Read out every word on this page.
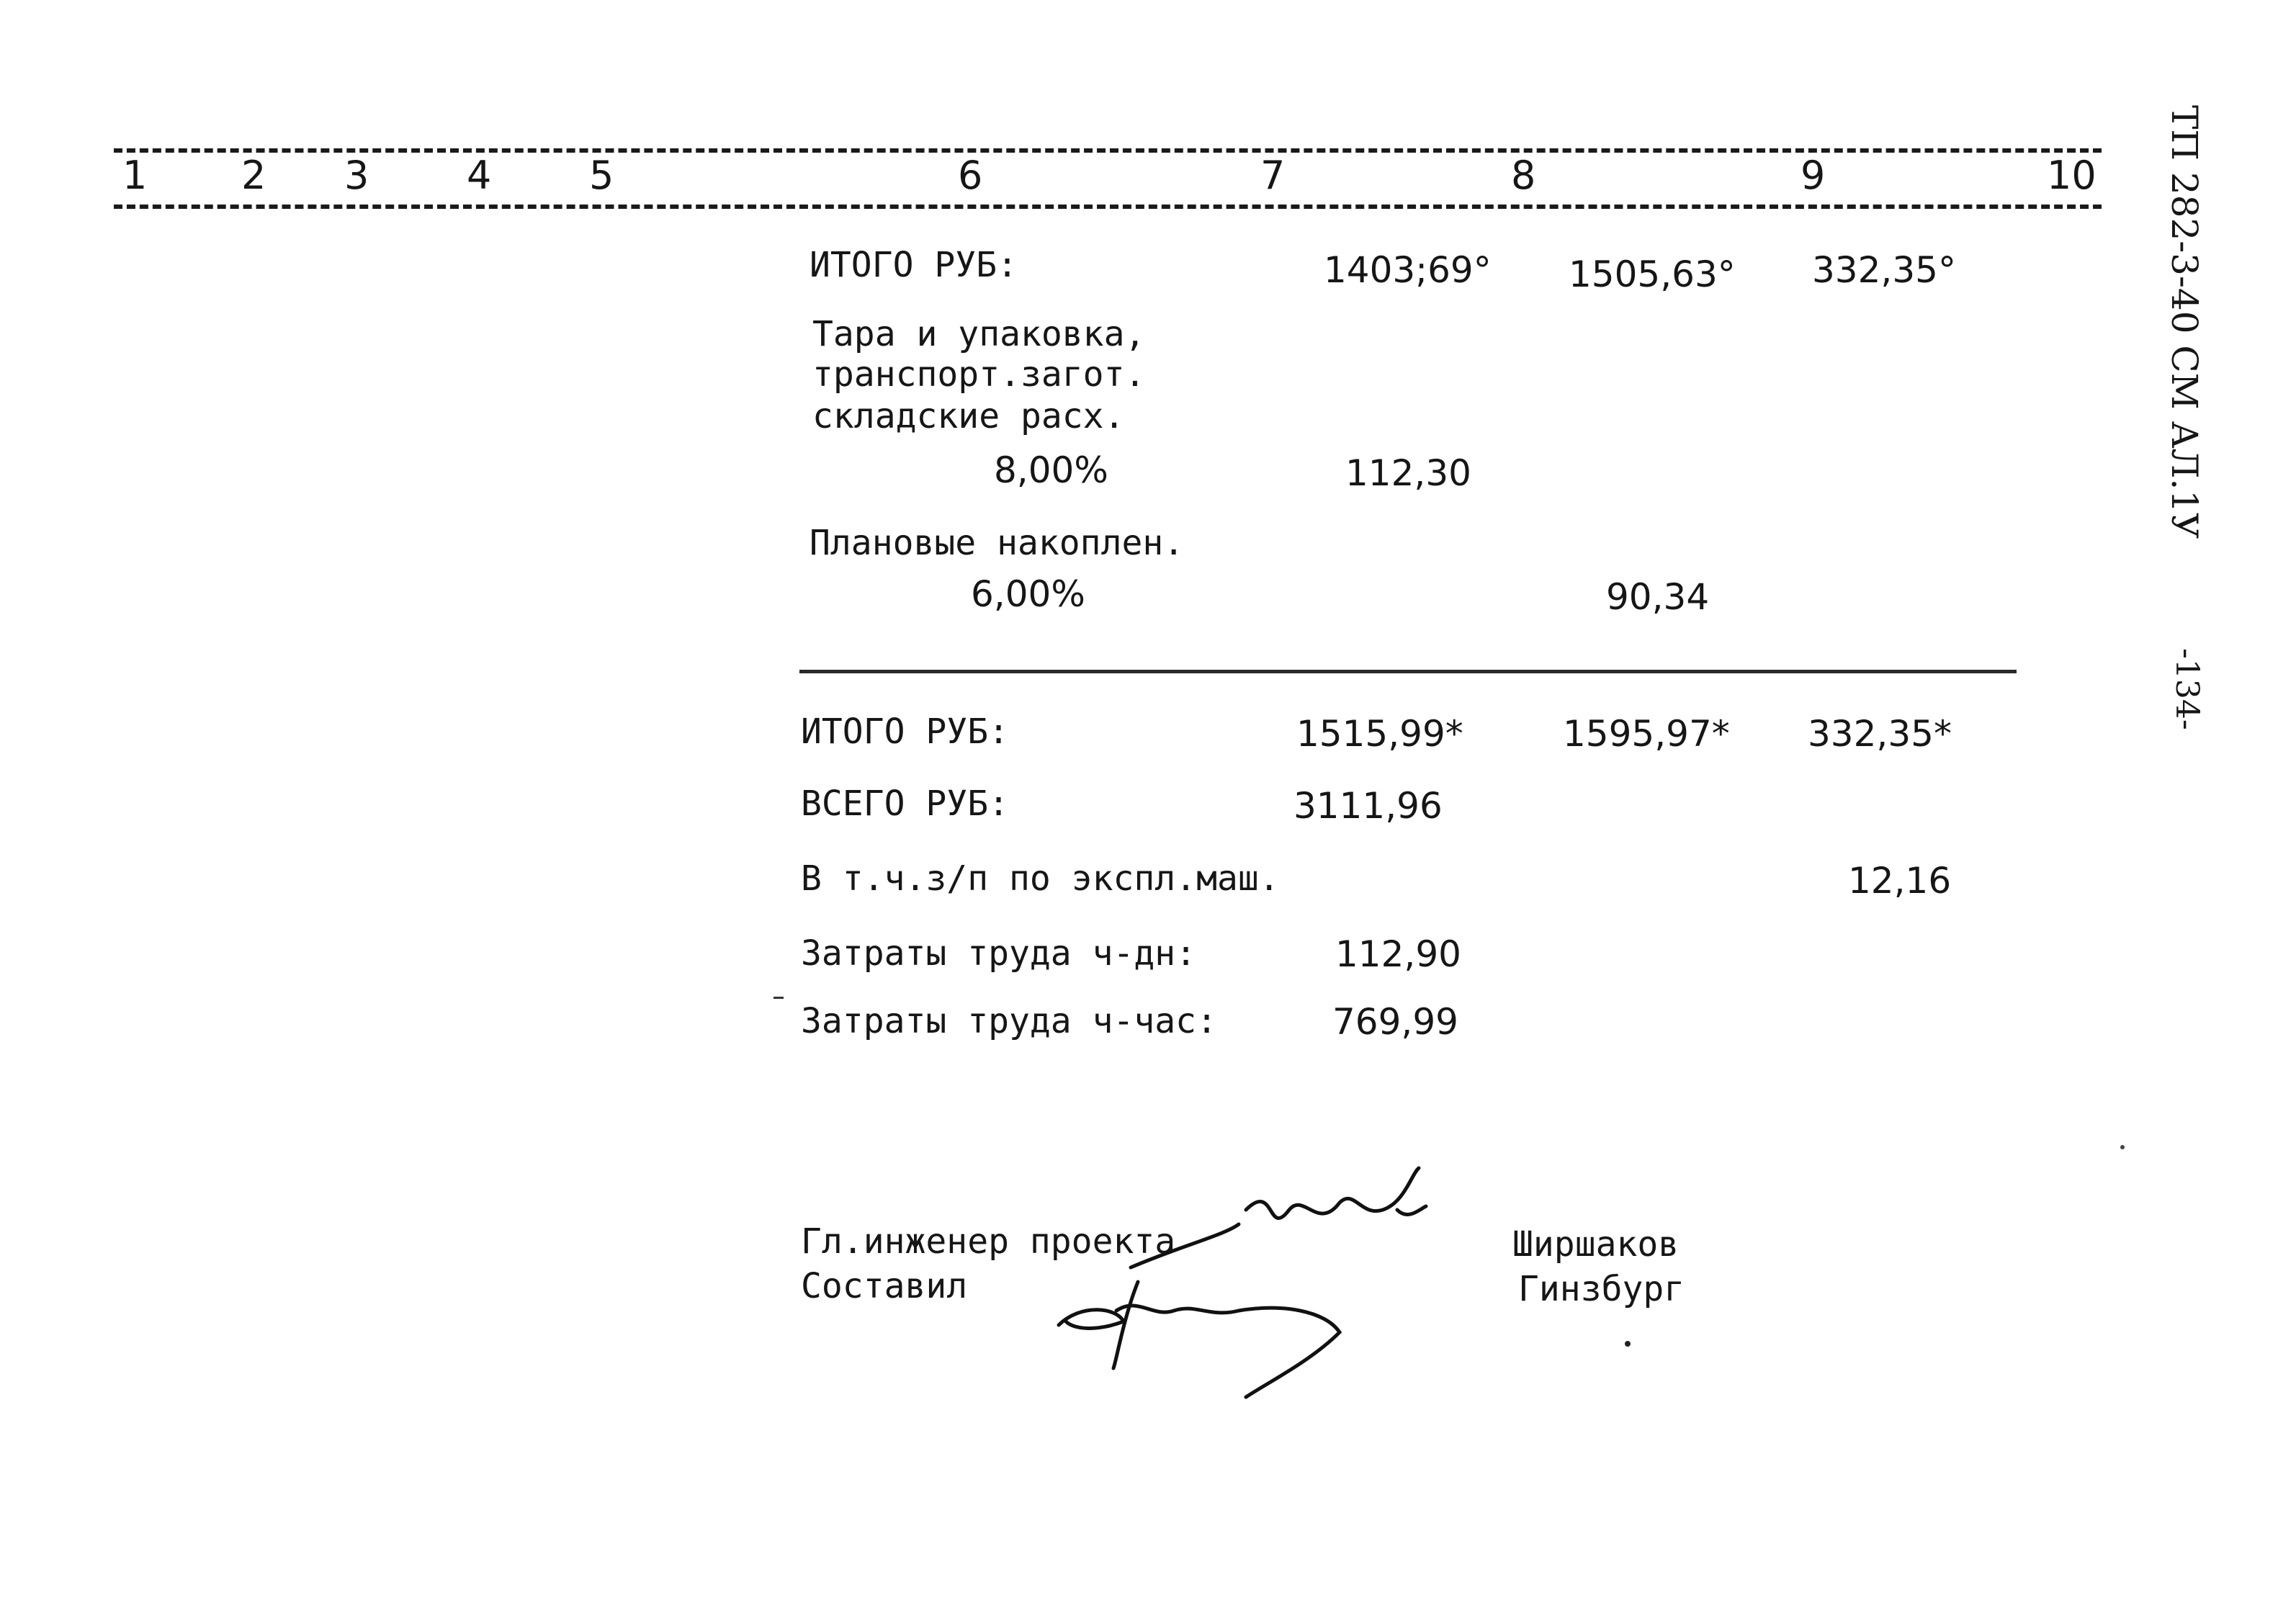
1 2 3	4	5	6	7	8	9	10 ТП 282-3-40 СМ АЛ.1У
-134-
ИТОГО РУБ:	1403;69° 1505,63° 332,35°
Тара и упаковка,
транспорт.загот.
складские расх.
8,00%	112,30
Плановые накоплен.
6,00%	90,34
ИТОГО РУБ:	1515,99*	1595,97* 332,35*
ВСЕГО РУБ:	3111,96
В т.ч.з/п по экспл.маш.	12,16
Затраты труда ч-дн:	112,90
Затраты труда ч-час:	769,99
Гл.инженер проекта
Составил
Ширшаков
Гинзбург
